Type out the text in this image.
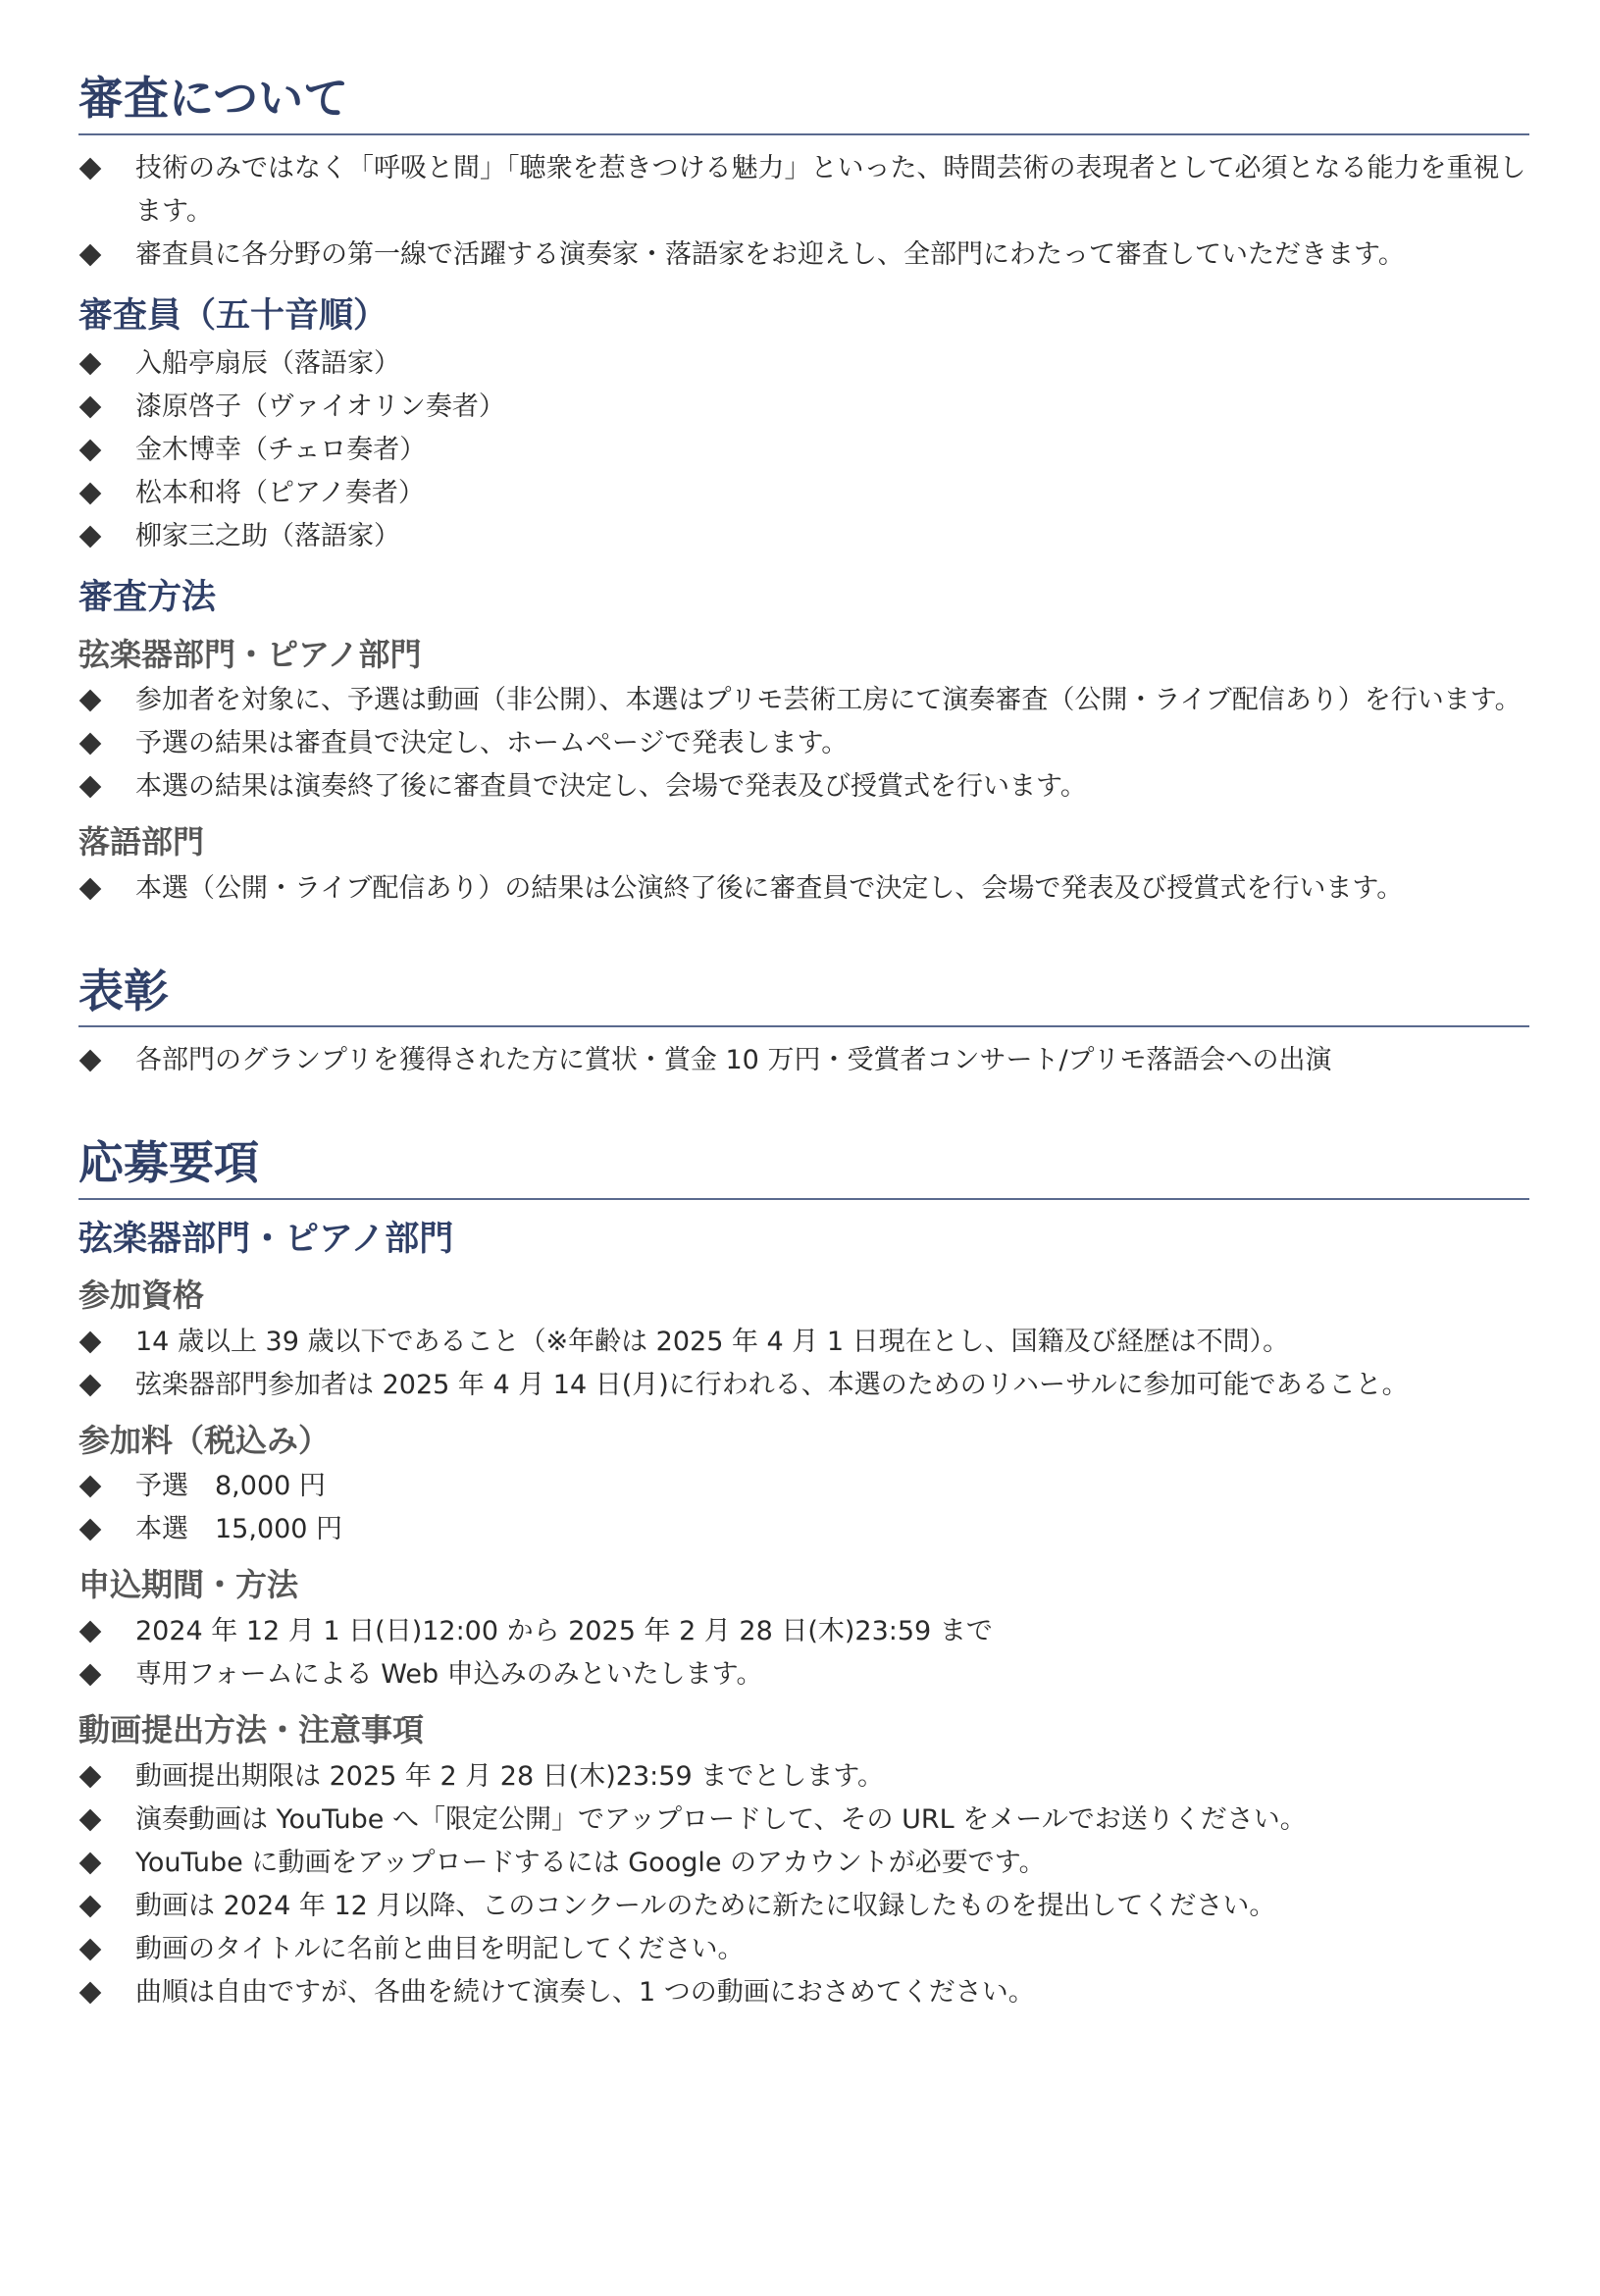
審査について
技術のみではなく「呼吸と間」「聴衆を惹きつける魅力」といった、時間芸術の表現者として必須となる能力を重視します。
審査員に各分野の第一線で活躍する演奏家・落語家をお迎えし、全部門にわたって審査していただきます。
審査員（五十音順）
入船亭扇辰（落語家）
漆原啓子（ヴァイオリン奏者）
金木博幸（チェロ奏者）
松本和将（ピアノ奏者）
柳家三之助（落語家）
審査方法
弦楽器部門・ピアノ部門
参加者を対象に、予選は動画（非公開）、本選はプリモ芸術工房にて演奏審査（公開・ライブ配信あり）を行います。
予選の結果は審査員で決定し、ホームページで発表します。
本選の結果は演奏終了後に審査員で決定し、会場で発表及び授賞式を行います。
落語部門
本選（公開・ライブ配信あり）の結果は公演終了後に審査員で決定し、会場で発表及び授賞式を行います。
表彰
各部門のグランプリを獲得された方に賞状・賞金 10 万円・受賞者コンサート/プリモ落語会への出演
応募要項
弦楽器部門・ピアノ部門
参加資格
14 歳以上 39 歳以下であること（※年齢は 2025 年 4 月 1 日現在とし、国籍及び経歴は不問）。
弦楽器部門参加者は 2025 年 4 月 14 日(月)に行われる、本選のためのリハーサルに参加可能であること。
参加料（税込み）
予選　8,000 円
本選　15,000 円
申込期間・方法
2024 年 12 月 1 日(日)12:00 から 2025 年 2 月 28 日(木)23:59 まで
専用フォームによる Web 申込みのみといたします。
動画提出方法・注意事項
動画提出期限は 2025 年 2 月 28 日(木)23:59 までとします。
演奏動画は YouTube へ「限定公開」でアップロードして、その URL をメールでお送りください。
YouTube に動画をアップロードするには Google のアカウントが必要です。
動画は 2024 年 12 月以降、このコンクールのために新たに収録したものを提出してください。
動画のタイトルに名前と曲目を明記してください。
曲順は自由ですが、各曲を続けて演奏し、1 つの動画におさめてください。
